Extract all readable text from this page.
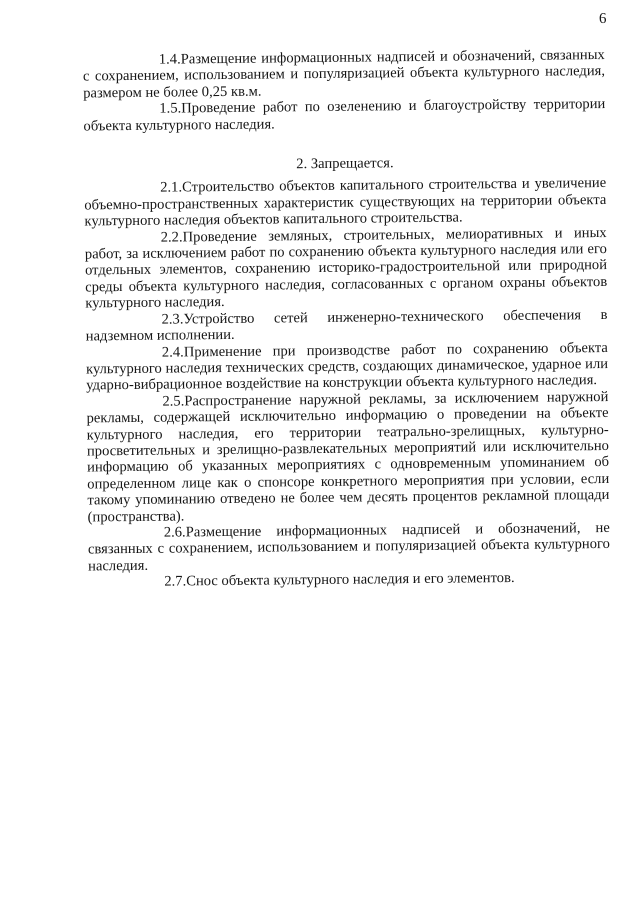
6

1.4.Размещение информационных надписей и обозначений, связанных с сохранением, использованием и популяризацией объекта культурного наследия, размером не более 0,25 кв.м.

1.5.Проведение работ по озеленению и благоустройству территории объекта культурного наследия.

2. Запрещается.

2.1.Строительство объектов капитального строительства и увеличение объемно-пространственных характеристик существующих на территории объекта культурного наследия объектов капитального строительства.

2.2.Проведение земляных, строительных, мелиоративных и иных работ, за исключением работ по сохранению объекта культурного наследия или его отдельных элементов, сохранению историко-градостроительной или природной среды объекта культурного наследия, согласованных с органом охраны объектов культурного наследия.

2.3.Устройство сетей инженерно-технического обеспечения в надземном исполнении.

2.4.Применение при производстве работ по сохранению объекта культурного наследия технических средств, создающих динамическое, ударное или ударно-вибрационное воздействие на конструкции объекта культурного наследия.

2.5.Распространение наружной рекламы, за исключением наружной рекламы, содержащей исключительно информацию о проведении на объекте культурного наследия, его территории театрально-зрелищных, культурно-просветительных и зрелищно-развлекательных мероприятий или исключительно информацию об указанных мероприятиях с одновременным упоминанием об определенном лице как о спонсоре конкретного мероприятия при условии, если такому упоминанию отведено не более чем десять процентов рекламной площади (пространства).

2.6.Размещение информационных надписей и обозначений, не связанных с сохранением, использованием и популяризацией объекта культурного наследия.

2.7.Снос объекта культурного наследия и его элементов.
